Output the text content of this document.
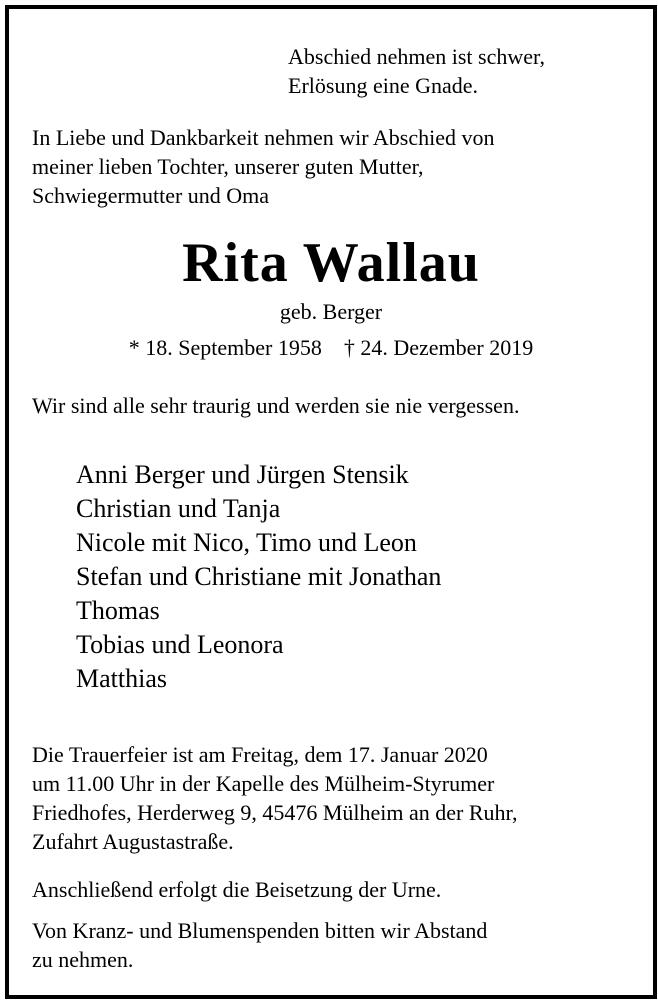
Abschied nehmen ist schwer,

Erlösung eine Gnade.

In Liebe und Dankbarkeit nehmen wir Abschied von

meiner lieben Tochter, unserer guten Mutter,

Schwiegermutter und Oma

Rita Wallau

geb. Berger

* 18. September 1958 † 24. Dezember 2019

Wir sind alle sehr traurig und werden sie nie vergessen.

Anni Berger und Jürgen Stensik
Christian und Tanja
Nicole mit Nico, Timo und Leon
Stefan und Christiane mit Jonathan
Thomas
Tobias und Leonora
Matthias

Die Trauerfeier ist am Freitag, dem 17. Januar 2020

um 11.00 Uhr in der Kapelle des Mülheim-Styrumer

Friedhofes, Herderweg 9, 45476 Mülheim an der Ruhr,

Zufahrt Augustastraße.

Anschließend erfolgt die Beisetzung der Urne.

Von Kranz- und Blumenspenden bitten wir Abstand

zu nehmen.
